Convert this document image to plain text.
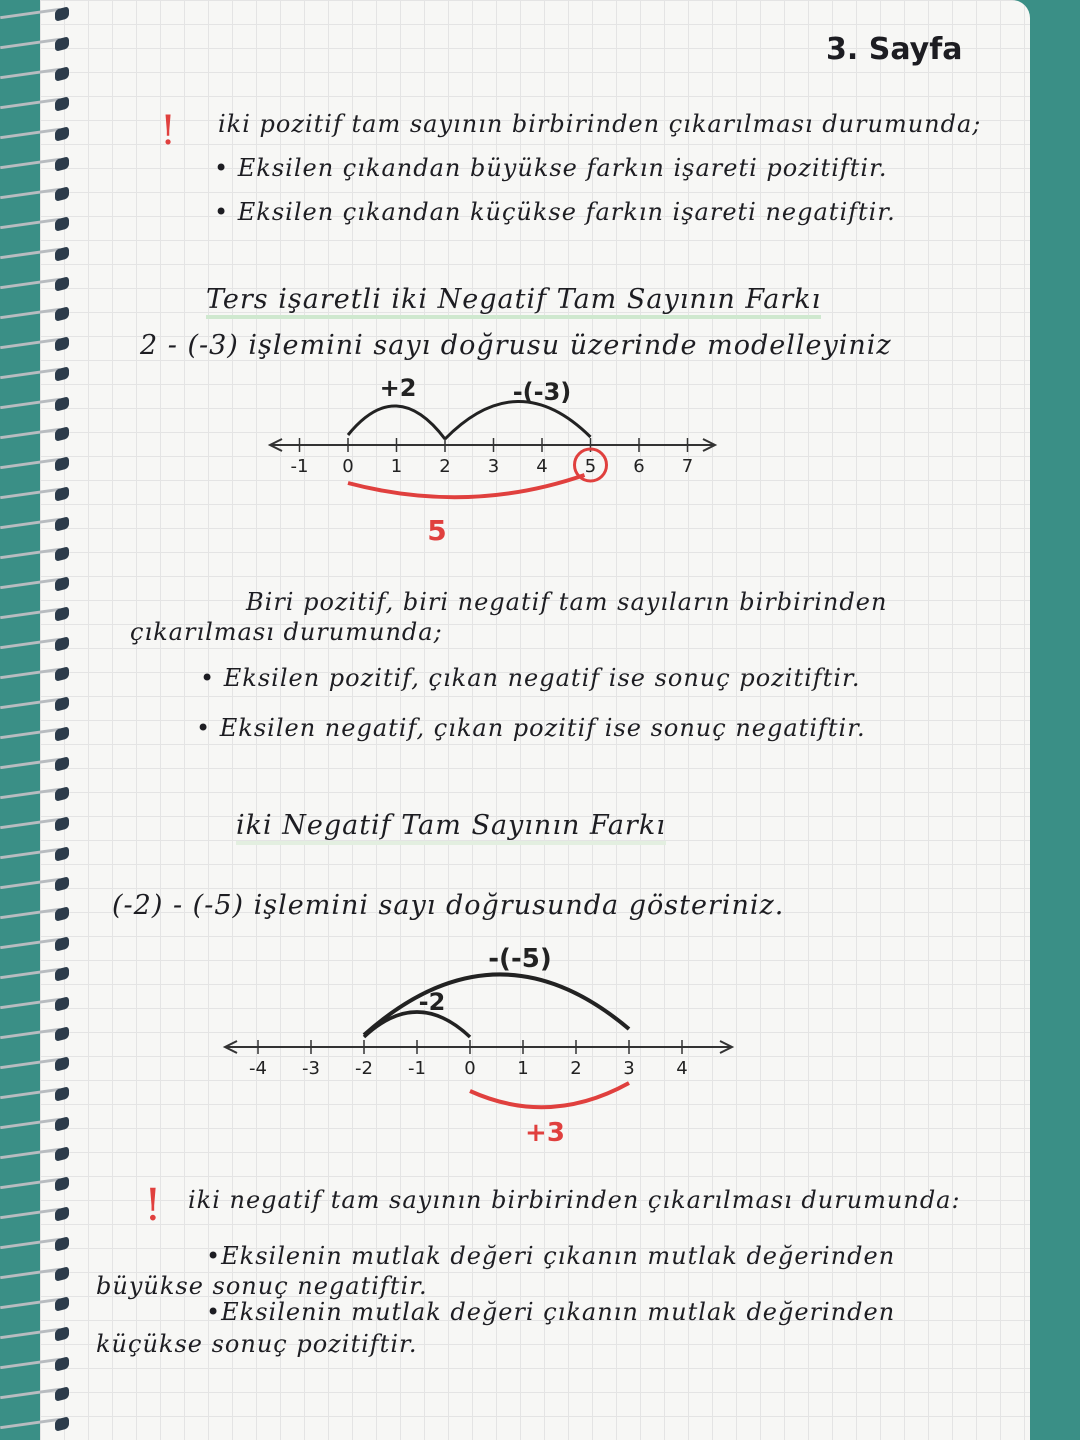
3. Sayfa
! iki pozitif tam sayının birbirinden çıkarılması durumunda;
• Eksilen çıkandan büyükse farkın işareti pozitiftir.
• Eksilen çıkandan küçükse farkın işareti negatiftir.
Ters işaretli iki Negatif Tam Sayının Farkı
2 - (-3) işlemini sayı doğrusu üzerinde modelleyiniz
-1 0 1 2 3 4 5 6 7
+2	-(-3)
5
Biri pozitif, biri negatif tam sayıların birbirinden
çıkarılması durumunda;
• Eksilen pozitif, çıkan negatif ise sonuç pozitiftir.
• Eksilen negatif, çıkan pozitif ise sonuç negatiftir.
iki Negatif Tam Sayının Farkı
(-2) - (-5) işlemini sayı doğrusunda gösteriniz.
-4 -3 -2 -1 0 1 2 3 4
-2
-(-5)
+3
! iki negatif tam sayının birbirinden çıkarılması durumunda:
•Eksilenin mutlak değeri çıkanın mutlak değerinden
büyükse sonuç negatiftir.
•Eksilenin mutlak değeri çıkanın mutlak değerinden
küçükse sonuç pozitiftir.
